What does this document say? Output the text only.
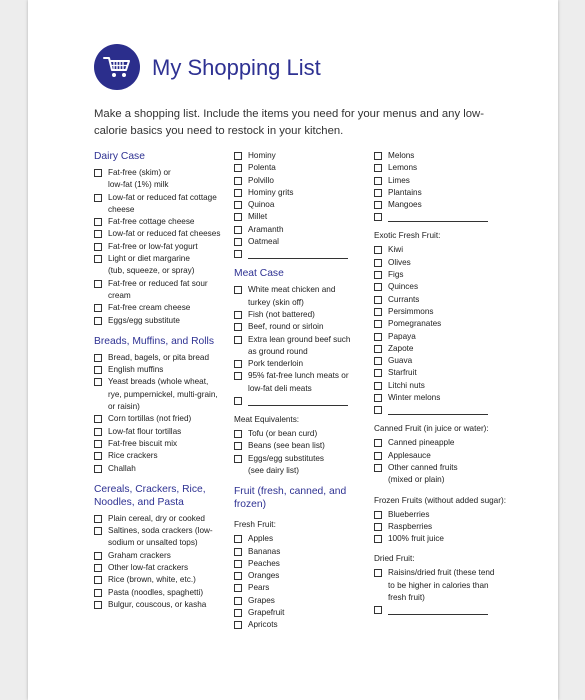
My Shopping List
Make a shopping list. Include the items you need for your menus and any low-calorie basics you need to restock in your kitchen.
Dairy Case
Fat-free (skim) or
low-fat (1%) milk
Low-fat or reduced fat cottage
cheese
Fat-free cottage cheese
Low-fat or reduced fat cheeses
Fat-free or low-fat yogurt
Light or diet margarine
(tub, squeeze, or spray)
Fat-free or reduced fat sour
cream
Fat-free cream cheese
Eggs/egg substitute
Breads, Muffins, and Rolls
Bread, bagels, or pita bread
English muffins
Yeast breads (whole wheat,
rye, pumpernickel, multi-grain,
or raisin)
Corn tortillas (not fried)
Low-fat flour tortillas
Fat-free biscuit mix
Rice crackers
Challah
Cereals, Crackers, Rice, Noodles, and Pasta
Plain cereal, dry or cooked
Saltines, soda crackers (low-
sodium or unsalted tops)
Graham crackers
Other low-fat crackers
Rice (brown, white, etc.)
Pasta (noodles, spaghetti)
Bulgur, couscous, or kasha
Hominy
Polenta
Polvillo
Hominy grits
Quinoa
Millet
Aramanth
Oatmeal
Meat Case
White meat chicken and
turkey (skin off)
Fish (not battered)
Beef, round or sirloin
Extra lean ground beef such
as ground round
Pork tenderloin
95% fat-free lunch meats or
low-fat deli meats
Meat Equivalents:
Tofu (or bean curd)
Beans (see bean list)
Eggs/egg substitutes
(see dairy list)
Fruit (fresh, canned, and frozen)
Fresh Fruit:
Apples
Bananas
Peaches
Oranges
Pears
Grapes
Grapefruit
Apricots
Melons
Lemons
Limes
Plantains
Mangoes
Exotic Fresh Fruit:
Kiwi
Olives
Figs
Quinces
Currants
Persimmons
Pomegranates
Papaya
Zapote
Guava
Starfruit
Litchi nuts
Winter melons
Canned Fruit (in juice or water):
Canned pineapple
Applesauce
Other canned fruits
(mixed or plain)
Frozen Fruits (without added sugar):
Blueberries
Raspberries
100% fruit juice
Dried Fruit:
Raisins/dried fruit (these tend
to be higher in calories than
fresh fruit)
